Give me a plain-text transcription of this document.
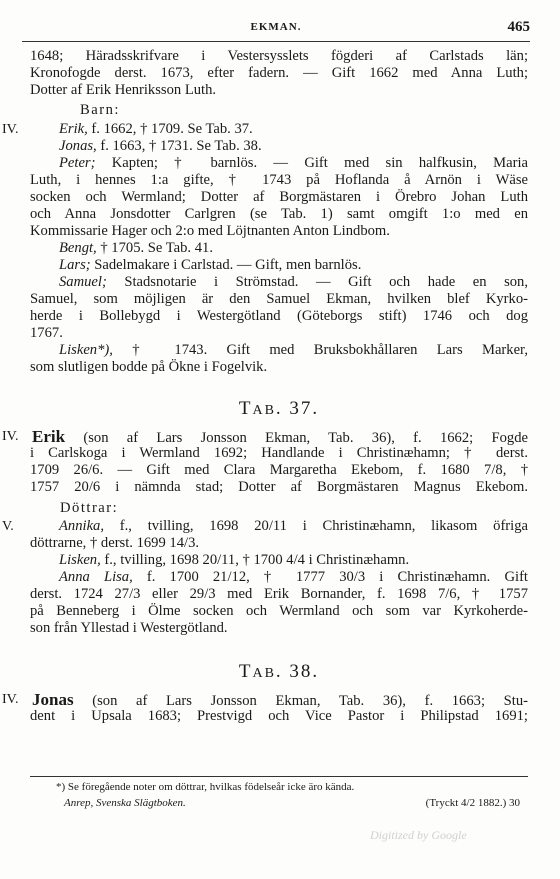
EKMAN.	465
1648; Häradsskrifvare i Vestersysslets fögderi af Carlstads län;
Kronofogde derst. 1673, efter fadern. — Gift 1662 med Anna Luth;
Dotter af Erik Henriksson Luth.
Barn:
IV.	Erik, f. 1662, † 1709. Se Tab. 37.
Jonas, f. 1663, † 1731. Se Tab. 38.
Peter; Kapten; † barnlös. — Gift med sin halfkusin, Maria
Luth, i hennes 1:a gifte, † 1743 på Hoflanda å Arnön i Wäse
socken och Wermland; Dotter af Borgmästaren i Örebro Johan Luth
och Anna Jonsdotter Carlgren (se Tab. 1) samt omgift 1:o med en
Kommissarie Hager och 2:o med Löjtnanten Anton Lindbom.
Bengt, † 1705. Se Tab. 41.
Lars; Sadelmakare i Carlstad. — Gift, men barnlös.
Samuel; Stadsnotarie i Strömstad. — Gift och hade en son,
Samuel, som möjligen är den Samuel Ekman, hvilken blef Kyrko-
herde i Bollebygd i Westergötland (Göteborgs stift) 1746 och dog
1767.
Lisken*), † 1743. Gift med Bruksbokhållaren Lars Marker,
som slutligen bodde på Ökne i Fogelvik.
TAB. 37.
IV. Erik (son af Lars Jonsson Ekman, Tab. 36), f. 1662; Fogde
i Carlskoga i Wermland 1692; Handlande i Christinæhamn; † derst.
1709 26/6. — Gift med Clara Margaretha Ekebom, f. 1680 7/8, †
1757 20/6 i nämnda stad; Dotter af Borgmästaren Magnus Ekebom.
Döttrar:
V.	Annika, f., tvilling, 1698 20/11 i Christinæhamn, likasom öfriga
döttrarne, † derst. 1699 14/3.
Lisken, f., tvilling, 1698 20/11, † 1700 4/4 i Christinæhamn.
Anna Lisa, f. 1700 21/12, † 1777 30/3 i Christinæhamn. Gift
derst. 1724 27/3 eller 29/3 med Erik Bornander, f. 1698 7/6, † 1757
på Benneberg i Ölme socken och Wermland och som var Kyrkoherde-
son från Yllestad i Westergötland.
TAB. 38.
IV. Jonas (son af Lars Jonsson Ekman, Tab. 36), f. 1663; Stu-
dent i Upsala 1683; Prestvigd och Vice Pastor i Philipstad 1691;
*) Se föregående noter om döttrar, hvilkas födelseår icke äro kända.
Anrep, Svenska Slägtboken.	(Tryckt 4/2 1882.) 30
Digitized by Google
